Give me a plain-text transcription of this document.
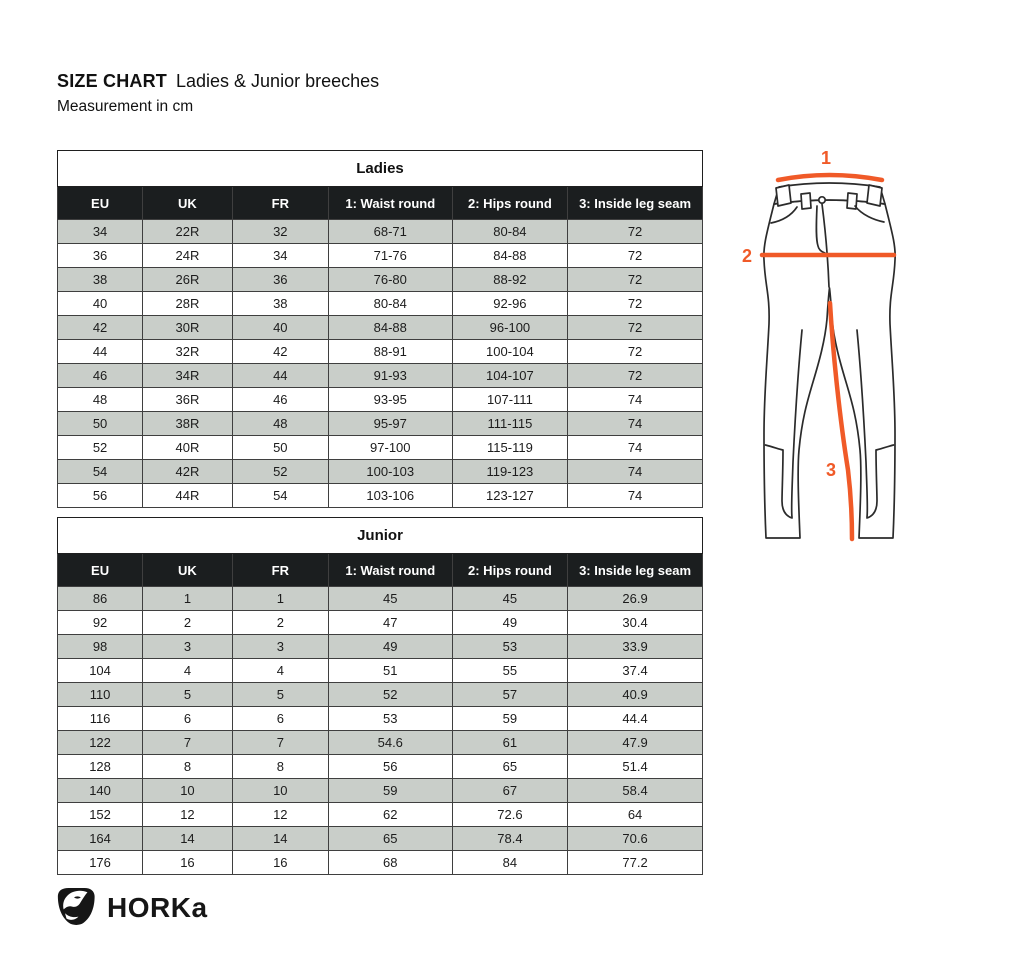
SIZE CHART Ladies & Junior breeches
Measurement in cm
Ladies					
EU	UK	FR	1: Waist round	2: Hips round	3: Inside leg seam
34	22R	32	68-71	80-84	72
36	24R	34	71-76	84-88	72
38	26R	36	76-80	88-92	72
40	28R	38	80-84	92-96	72
42	30R	40	84-88	96-100	72
44	32R	42	88-91	100-104	72
46	34R	44	91-93	104-107	72
48	36R	46	93-95	107-111	74
50	38R	48	95-97	111-115	74
52	40R	50	97-100	115-119	74
54	42R	52	100-103	119-123	74
56	44R	54	103-106	123-127	74
Junior					
EU	UK	FR	1: Waist round	2: Hips round	3: Inside leg seam
86	1	1	45	45	26.9
92	2	2	47	49	30.4
98	3	3	49	53	33.9
104	4	4	51	55	37.4
110	5	5	52	57	40.9
116	6	6	53	59	44.4
122	7	7	54.6	61	47.9
128	8	8	56	65	51.4
140	10	10	59	67	58.4
152	12	12	62	72.6	64
164	14	14	65	78.4	70.6
176	16	16	68	84	77.2
1
2
3
HORKa
